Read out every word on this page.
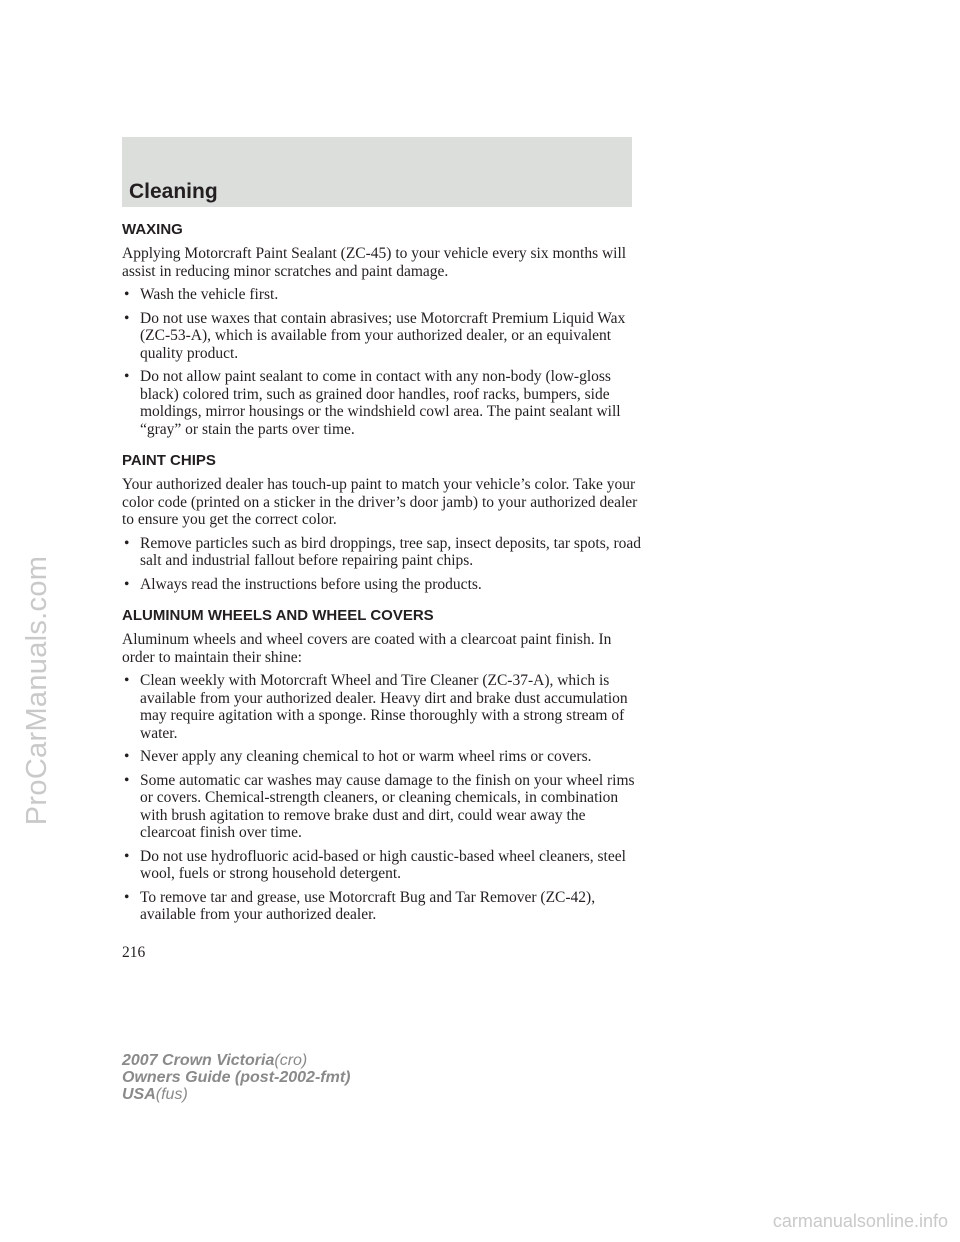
ProCarManuals.com
Cleaning
WAXING
Applying Motorcraft Paint Sealant (ZC-45) to your vehicle every six months will assist in reducing minor scratches and paint damage.
• Wash the vehicle first.
• Do not use waxes that contain abrasives; use Motorcraft Premium Liquid Wax (ZC-53-A), which is available from your authorized dealer, or an equivalent quality product.
• Do not allow paint sealant to come in contact with any non-body (low-gloss black) colored trim, such as grained door handles, roof racks, bumpers, side moldings, mirror housings or the windshield cowl area. The paint sealant will “gray” or stain the parts over time.
PAINT CHIPS
Your authorized dealer has touch-up paint to match your vehicle’s color. Take your color code (printed on a sticker in the driver’s door jamb) to your authorized dealer to ensure you get the correct color.
• Remove particles such as bird droppings, tree sap, insect deposits, tar spots, road salt and industrial fallout before repairing paint chips.
• Always read the instructions before using the products.
ALUMINUM WHEELS AND WHEEL COVERS
Aluminum wheels and wheel covers are coated with a clearcoat paint finish. In order to maintain their shine:
• Clean weekly with Motorcraft Wheel and Tire Cleaner (ZC-37-A), which is available from your authorized dealer. Heavy dirt and brake dust accumulation may require agitation with a sponge. Rinse thoroughly with a strong stream of water.
• Never apply any cleaning chemical to hot or warm wheel rims or covers.
• Some automatic car washes may cause damage to the finish on your wheel rims or covers. Chemical-strength cleaners, or cleaning chemicals, in combination with brush agitation to remove brake dust and dirt, could wear away the clearcoat finish over time.
• Do not use hydrofluoric acid-based or high caustic-based wheel cleaners, steel wool, fuels or strong household detergent.
• To remove tar and grease, use Motorcraft Bug and Tar Remover (ZC-42), available from your authorized dealer.
216
2007 Crown Victoria(cro)
Owners Guide (post-2002-fmt)
USA(fus)
carmanualsonline.info
